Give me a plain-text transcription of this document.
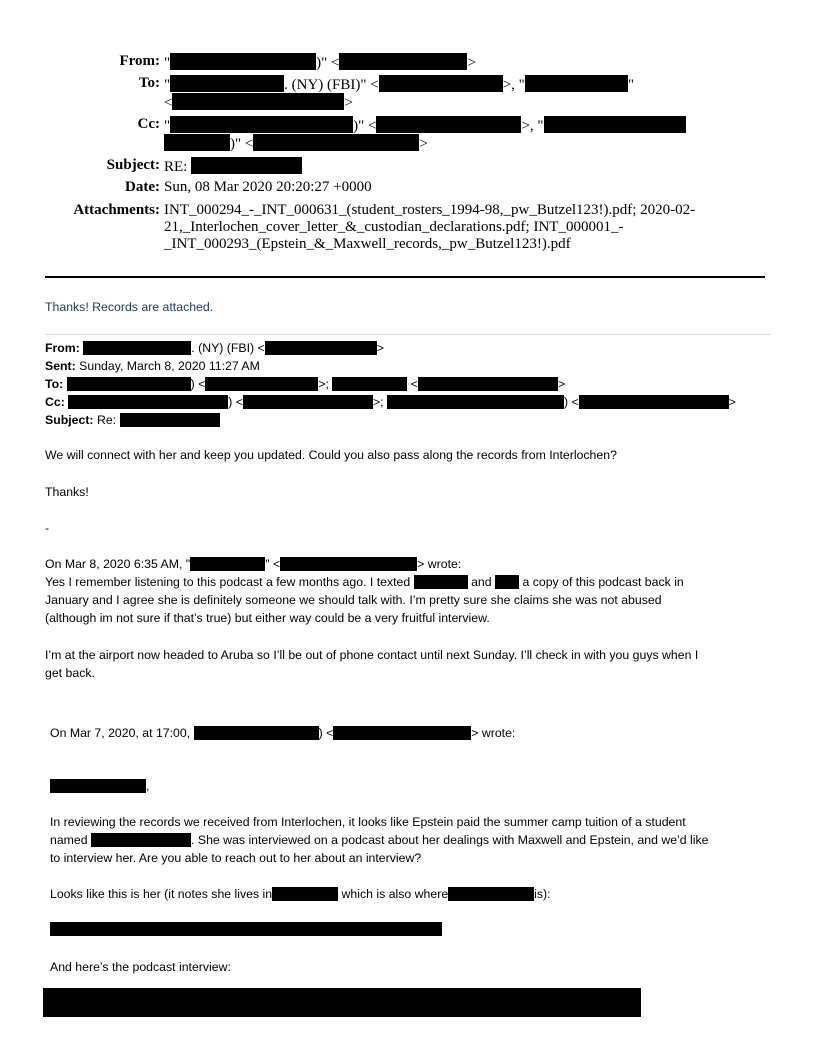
From: "	)" <	>
To: "	. (NY) (FBI)" <	>, "	"
<	>
Cc: "	)" <	>, "
)" <	>
Subject: RE:
Date: Sun, 08 Mar 2020 20:20:27 +0000
Attachments: INT_000294_-_INT_000631_(student_rosters_1994-98,_pw_Butzel123!).pdf; 2020-02-
21,_Interlochen_cover_letter_&_custodian_declarations.pdf; INT_000001_-
_INT_000293_(Epstein_&_Maxwell_records,_pw_Butzel123!).pdf
Thanks! Records are attached.
From:	. (NY) (FBI) <	>
Sent: Sunday, March 8, 2020 11:27 AM
To:	) <	>;	<	>
Cc:	) <	>;	) <	>
Subject: Re:
We will connect with her and keep you updated. Could you also pass along the records from Interlochen?
Thanks!
-
On Mar 8, 2020 6:35 AM, "	" <	> wrote:
Yes I remember listening to this podcast a few months ago. I texted	and	a copy of this podcast back in
January and I agree she is definitely someone we should talk with. I’m pretty sure she claims she was not abused
(although im not sure if that’s true) but either way could be a very fruitful interview.
I’m at the airport now headed to Aruba so I’ll be out of phone contact until next Sunday. I’ll check in with you guys when I
get back.
On Mar 7, 2020, at 17:00,	) <	> wrote:
,
In reviewing the records we received from Interlochen, it looks like Epstein paid the summer camp tuition of a student
named	. She was interviewed on a podcast about her dealings with Maxwell and Epstein, and we’d like
to interview her. Are you able to reach out to her about an interview?
Looks like this is her (it notes she lives in	which is also where	is):
And here’s the podcast interview:
